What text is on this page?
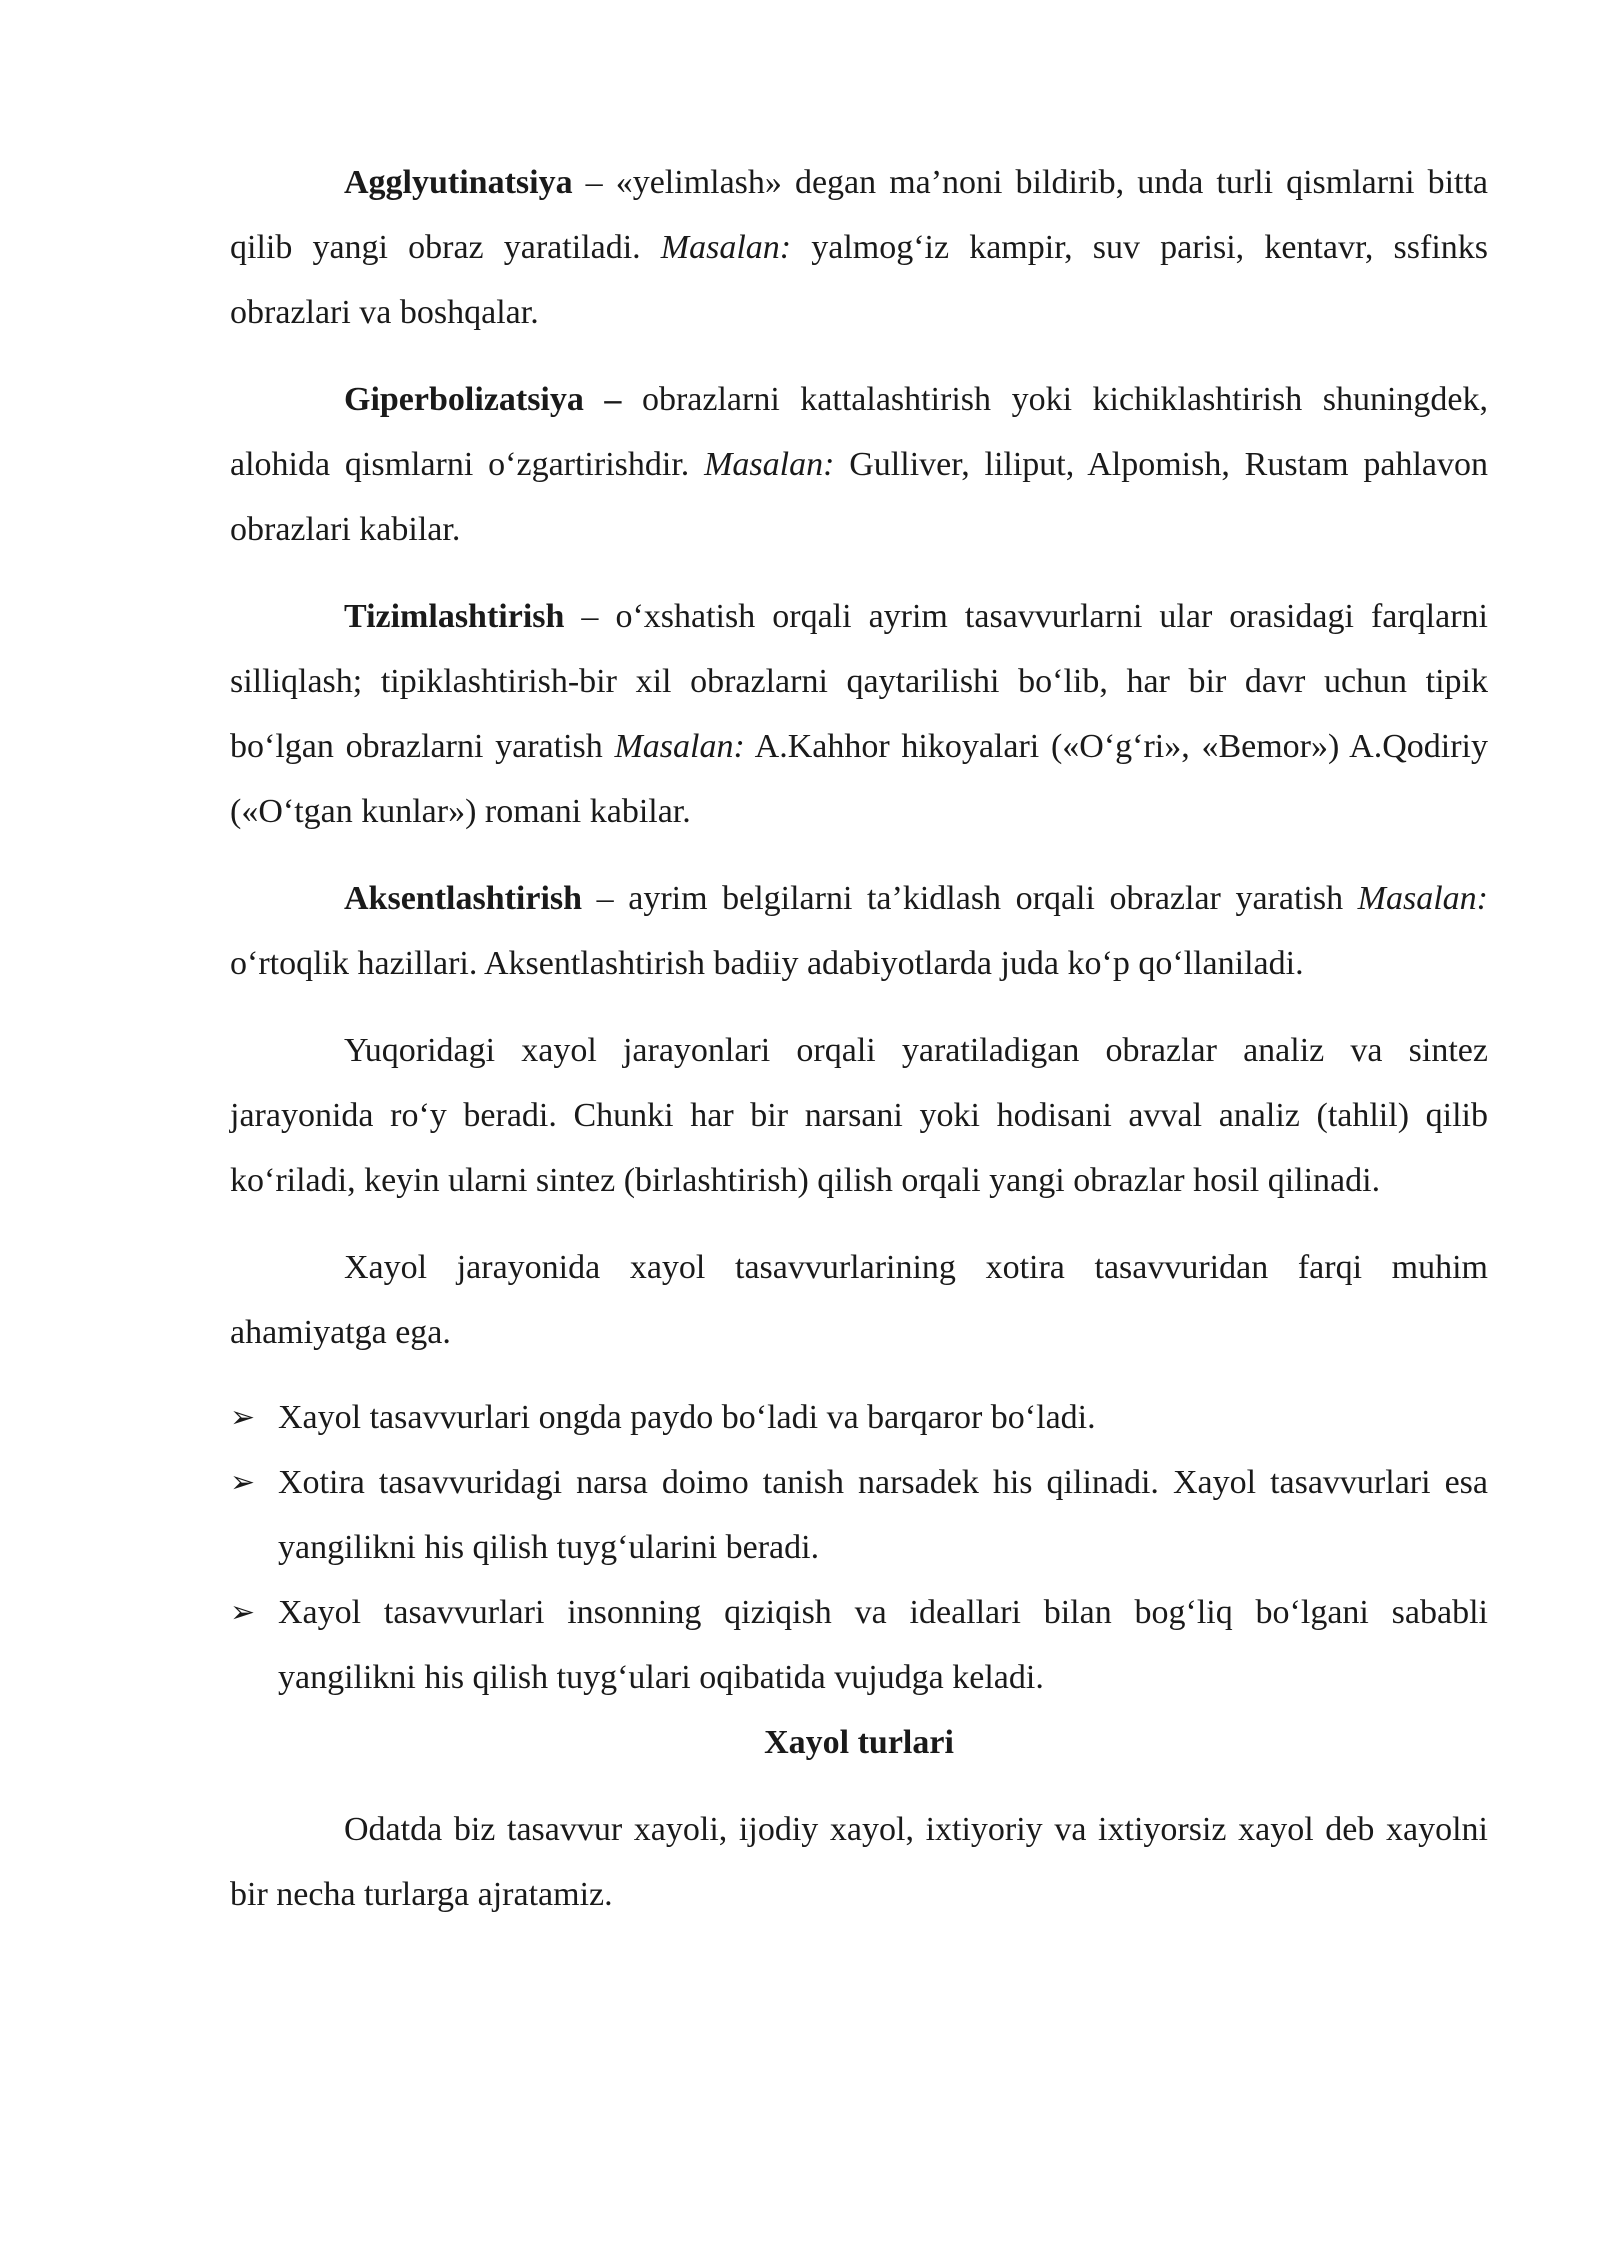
Agglyutinatsiya – «yelimlash» degan ma’noni bildirib, unda turli qismlarni bitta qilib yangi obraz yaratiladi. Masalan: yalmog‘iz kampir, suv parisi, kentavr, ssfinks obrazlari va boshqalar.

Giperbolizatsiya – obrazlarni kattalashtirish yoki kichiklashtirish shuningdek, alohida qismlarni o‘zgartirishdir. Masalan: Gulliver, liliput, Alpomish, Rustam pahlavon obrazlari kabilar.

Tizimlashtirish – o‘xshatish orqali ayrim tasavvurlarni ular orasidagi farqlarni silliqlash; tipiklashtirish-bir xil obrazlarni qaytarilishi bo‘lib, har bir davr uchun tipik bo‘lgan obrazlarni yaratish Masalan: A.Kahhor hikoyalari («O‘g‘ri», «Bemor») A.Qodiriy («O‘tgan kunlar») romani kabilar.

Aksentlashtirish – ayrim belgilarni ta’kidlash orqali obrazlar yaratish Masalan: o‘rtoqlik hazillari. Aksentlashtirish badiiy adabiyotlarda juda ko‘p qo‘llaniladi.

Yuqoridagi xayol jarayonlari orqali yaratiladigan obrazlar analiz va sintez jarayonida ro‘y beradi. Chunki har bir narsani yoki hodisani avval analiz (tahlil) qilib ko‘riladi, keyin ularni sintez (birlashtirish) qilish orqali yangi obrazlar hosil qilinadi.

Xayol jarayonida xayol tasavvurlarining xotira tasavvuridan farqi muhim ahamiyatga ega.

➢ Xayol tasavvurlari ongda paydo bo‘ladi va barqaror bo‘ladi.
➢ Xotira tasavvuridagi narsa doimo tanish narsadek his qilinadi. Xayol tasavvurlari esa yangilikni his qilish tuyg‘ularini beradi.
➢ Xayol tasavvurlari insonning qiziqish va ideallari bilan bog‘liq bo‘lgani sababli yangilikni his qilish tuyg‘ulari oqibatida vujudga keladi.
Xayol turlari

Odatda biz tasavvur xayoli, ijodiy xayol, ixtiyoriy va ixtiyorsiz xayol deb xayolni bir necha turlarga ajratamiz.
